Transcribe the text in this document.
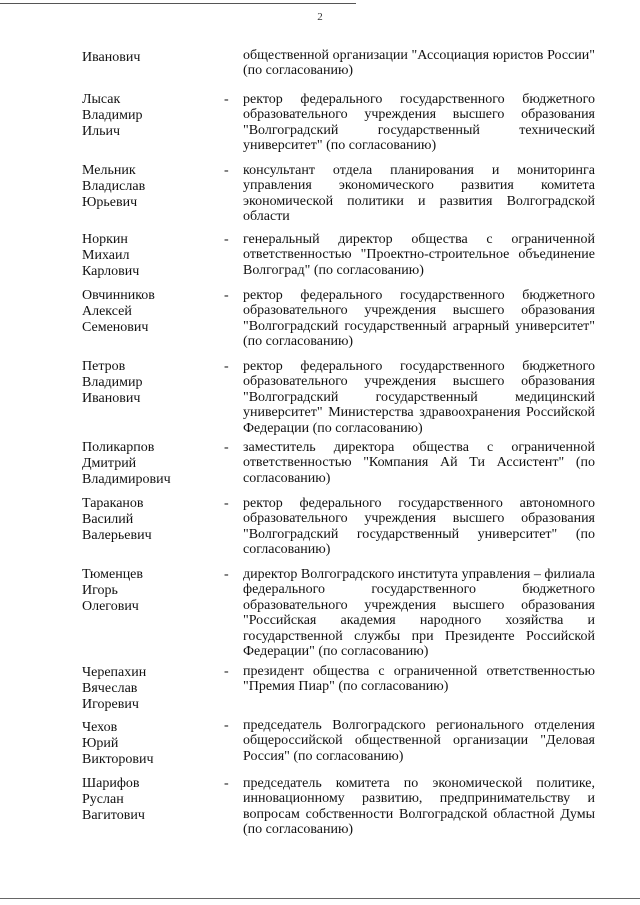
2
Иванович	общественной организации "Ассоциация юристов России" (по согласованию)
Лысак
Владимир
Ильич
- ректор федерального государственного бюджетного образовательного учреждения высшего образования "Волгоградский государственный технический университет" (по согласованию)
Мельник
Владислав
Юрьевич
- консультант отдела планирования и мониторинга управления экономического развития комитета экономической политики и развития Волгоградской области
Норкин
Михаил
Карлович
- генеральный директор общества с ограниченной ответственностью "Проектно-строительное объединение Волгоград" (по согласованию)
Овчинников
Алексей
Семенович
- ректор федерального государственного бюджетного образовательного учреждения высшего образования "Волгоградский государственный аграрный университет" (по согласованию)
Петров
Владимир
Иванович
- ректор федерального государственного бюджетного образовательного учреждения высшего образования "Волгоградский государственный медицинский университет" Министерства здравоохранения Российской Федерации (по согласованию)
Поликарпов
Дмитрий
Владимирович
- заместитель директора общества с ограниченной ответственностью "Компания Ай Ти Ассистент" (по согласованию)
Тараканов
Василий
Валерьевич
- ректор федерального государственного автономного образовательного учреждения высшего образования "Волгоградский государственный университет" (по согласованию)
Тюменцев
Игорь
Олегович
- директор Волгоградского института управления – филиала федерального государственного бюджетного образовательного учреждения высшего образования "Российская академия народного хозяйства и государственной службы при Президенте Российской Федерации" (по согласованию)
Черепахин
Вячеслав
Игоревич
- президент общества с ограниченной ответственностью "Премия Пиар" (по согласованию)
Чехов
Юрий
Викторович
- председатель Волгоградского регионального отделения общероссийской общественной организации "Деловая Россия" (по согласованию)
Шарифов
Руслан
Вагитович
- председатель комитета по экономической политике, инновационному развитию, предпринимательству и вопросам собственности Волгоградской областной Думы (по согласованию)
